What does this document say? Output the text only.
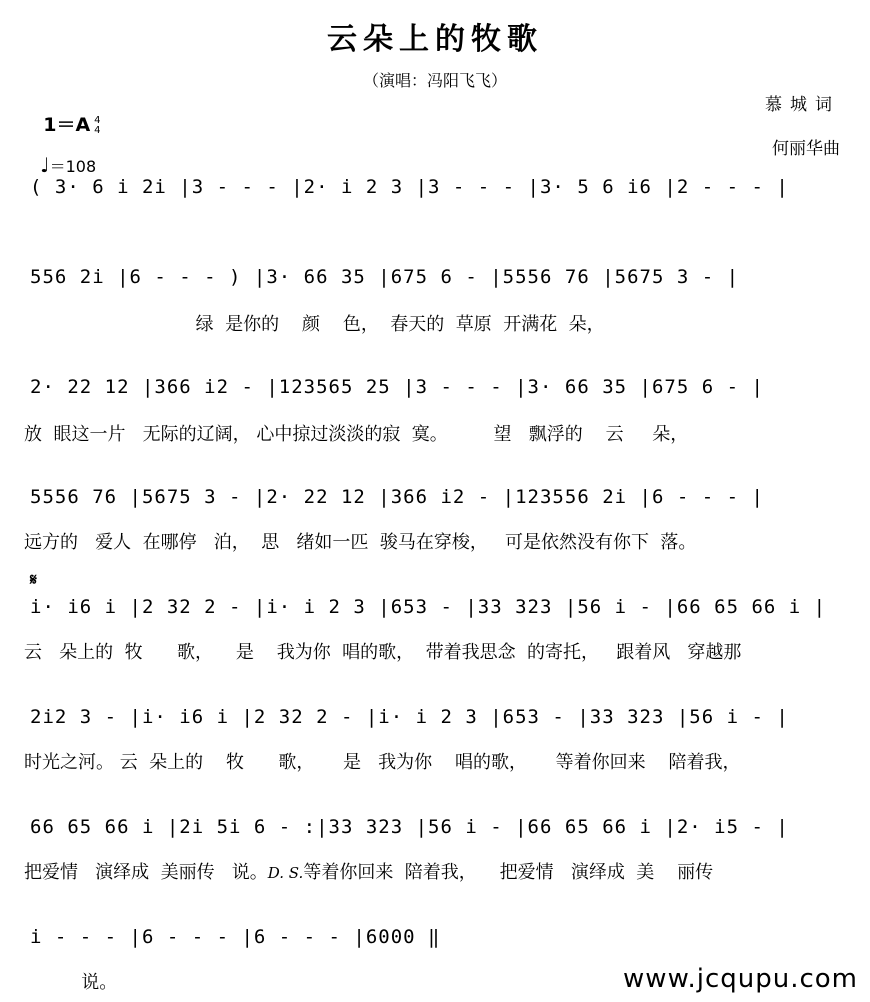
云朵上的牧歌
（演唱：冯阳飞飞）

1＝A 4
4

♩＝108

慕城词
何丽华曲
( 3· 6 i 2i |3 - - - |2· i 2 3 |3 - - - |3· 5 6 i6 |2 - - - |
556 2i |6 - - - ) |3· 66 35 |675 6 - |5556 76 |5675 3 - |
绿  是你的    颜    色，  春天的  草原  开满花  朵，
2· 22 12 |366 i2 - |123565 25 |3 - - - |3· 66 35 |675 6 - |
放  眼这一片   无际的辽阔， 心中掠过淡淡的寂  寞。        望   飘浮的    云     朵，
5556 76 |5675 3 - |2· 22 12 |366 i2 - |123556 2i |6 - - - |
远方的   爱人  在哪停   泊，  思   绪如一匹  骏马在穿梭，   可是依然没有你下  落。
𝄋
i· i6 i |2 32 2 - |i· i 2 3 |653 - |33 323 |56 i - |66 65 66 i |
云   朵上的  牧      歌，    是    我为你  唱的歌，  带着我思念  的寄托，   跟着风   穿越那
2i2 3 - |i· i6 i |2 32 2 - |i· i 2 3 |653 - |33 323 |56 i - |
时光之河。 云  朵上的    牧      歌，     是   我为你    唱的歌，     等着你回来    陪着我，
66 65 66 i |2i 5i 6 - :|33 323 |56 i - |66 65 66 i |2· i5 - |
把爱情   演绎成  美丽传   说。D. S.等着你回来  陪着我，    把爱情   演绎成  美    丽传
i - - - |6 - - - |6 - - - |6000 ‖
说。	www.jcqupu.com
